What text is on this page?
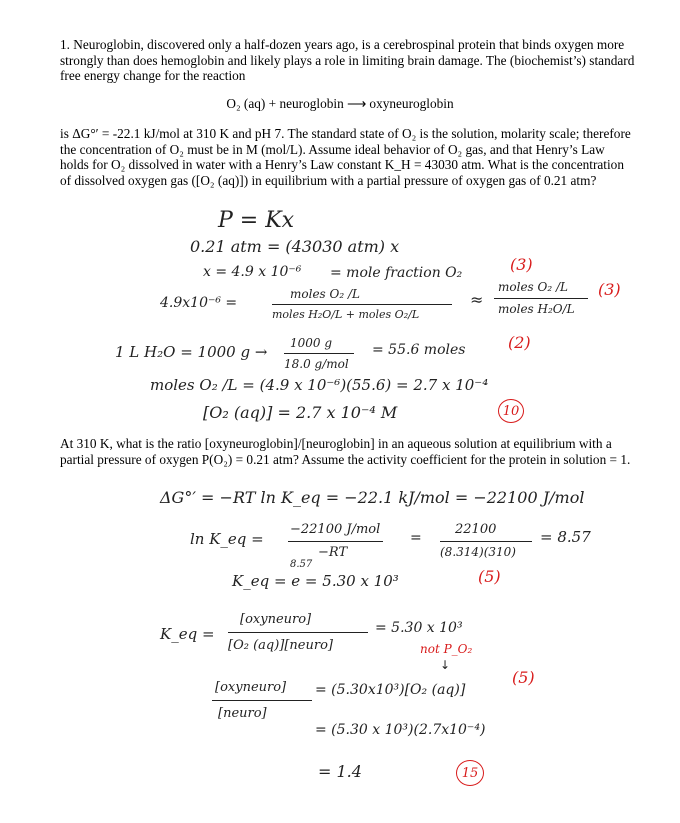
1. Neuroglobin, discovered only a half-dozen years ago, is a cerebrospinal protein that binds oxygen more strongly than does hemoglobin and likely plays a role in limiting brain damage. The (biochemist’s) standard free energy change for the reaction
O₂ (aq) + neuroglobin ⟶ oxyneuroglobin
is ΔG°′ = -22.1 kJ/mol at 310 K and pH 7. The standard state of O₂ is the solution, molarity scale; therefore the concentration of O₂ must be in M (mol/L). Assume ideal behavior of O₂ gas, and that Henry’s Law holds for O₂ dissolved in water with a Henry’s Law constant K_H = 43030 atm. What is the concentration of dissolved oxygen gas ([O₂ (aq)]) in equilibrium with a partial pressure of oxygen gas of 0.21 atm?
P = Kx
0.21 atm = (43030 atm) x
x = 4.9 x 10⁻⁶ = mole fraction O₂	(3)
4.9x10⁻⁶ =
moles O₂ /L
moles H₂O/L + moles O₂/L
≈
moles O₂ /L
moles H₂O/L
(3)
1 L H₂O = 1000 g → 1000 g
18.0 g/mol
= 55.6 moles	(2)
moles O₂ /L = (4.9 x 10⁻⁶)(55.6) = 2.7 x 10⁻⁴
[O₂ (aq)] = 2.7 x 10⁻⁴ M	10
At 310 K, what is the ratio [oxyneuroglobin]/[neuroglobin] in an aqueous solution at equilibrium with a partial pressure of oxygen P(O₂) = 0.21 atm? Assume the activity coefficient for the protein in solution = 1.
ΔG°′ = −RT ln K_eq = −22.1 kJ/mol = −22100 J/mol
ln K_eq =
−22100 J/mol
−RT
=
22100
(8.314)(310)
= 8.57
8.57
K_eq = e = 5.30 x 10³	(5)
K_eq =
[oxyneuro]
[O₂ (aq)][neuro]
= 5.30 x 10³
not P_O₂
↓
[oxyneuro]
[neuro]
= (5.30x10³)[O₂ (aq)]
(5)
= (5.30 x 10³)(2.7x10⁻⁴)
= 1.4	15
